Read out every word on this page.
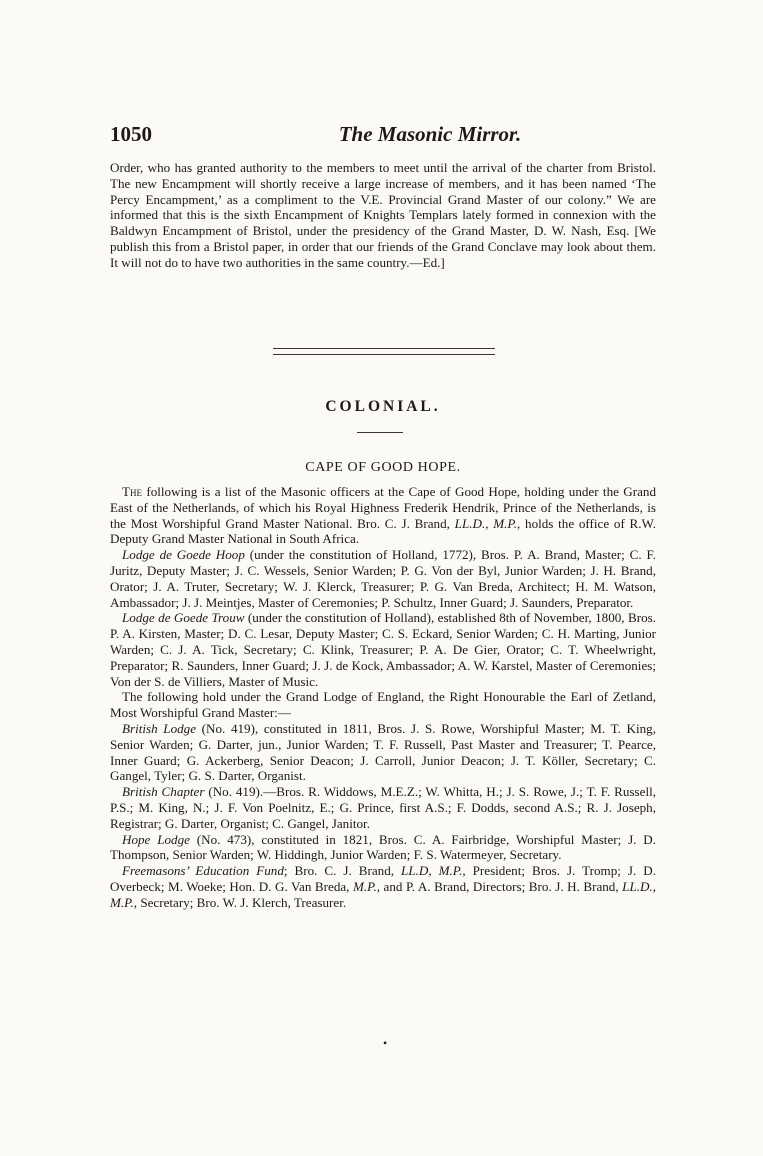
1050	The Masonic Mirror.

Order, who has granted authority to the members to meet until the arrival of the charter from Bristol. The new Encampment will shortly receive a large increase of members, and it has been named ‘The Percy Encampment,’ as a compliment to the V.E. Provincial Grand Master of our colony.” We are informed that this is the sixth Encampment of Knights Templars lately formed in connexion with the Baldwyn Encampment of Bristol, under the presidency of the Grand Master, D. W. Nash, Esq. [We publish this from a Bristol paper, in order that our friends of the Grand Conclave may look about them. It will not do to have two authorities in the same country.—Ed.]

COLONIAL.
CAPE OF GOOD HOPE.

The following is a list of the Masonic officers at the Cape of Good Hope, holding under the Grand East of the Netherlands, of which his Royal Highness Frederik Hendrik, Prince of the Netherlands, is the Most Worshipful Grand Master National. Bro. C. J. Brand, LL.D., M.P., holds the office of R.W. Deputy Grand Master National in South Africa.

Lodge de Goede Hoop (under the constitution of Holland, 1772), Bros. P. A. Brand, Master; C. F. Juritz, Deputy Master; J. C. Wessels, Senior Warden; P. G. Von der Byl, Junior Warden; J. H. Brand, Orator; J. A. Truter, Secretary; W. J. Klerck, Treasurer; P. G. Van Breda, Architect; H. M. Watson, Ambassador; J. J. Meintjes, Master of Ceremonies; P. Schultz, Inner Guard; J. Saunders, Preparator.

Lodge de Goede Trouw (under the constitution of Holland), established 8th of November, 1800, Bros. P. A. Kirsten, Master; D. C. Lesar, Deputy Master; C. S. Eckard, Senior Warden; C. H. Marting, Junior Warden; C. J. A. Tick, Secretary; C. Klink, Treasurer; P. A. De Gier, Orator; C. T. Wheelwright, Preparator; R. Saunders, Inner Guard; J. J. de Kock, Ambassador; A. W. Karstel, Master of Ceremonies; Von der S. de Villiers, Master of Music.

The following hold under the Grand Lodge of England, the Right Honourable the Earl of Zetland, Most Worshipful Grand Master:—

British Lodge (No. 419), constituted in 1811, Bros. J. S. Rowe, Worshipful Master; M. T. King, Senior Warden; G. Darter, jun., Junior Warden; T. F. Russell, Past Master and Treasurer; T. Pearce, Inner Guard; G. Ackerberg, Senior Deacon; J. Carroll, Junior Deacon; J. T. Köller, Secretary; C. Gangel, Tyler; G. S. Darter, Organist.

British Chapter (No. 419).—Bros. R. Widdows, M.E.Z.; W. Whitta, H.; J. S. Rowe, J.; T. F. Russell, P.S.; M. King, N.; J. F. Von Poelnitz, E.; G. Prince, first A.S.; F. Dodds, second A.S.; R. J. Joseph, Registrar; G. Darter, Organist; C. Gangel, Janitor.

Hope Lodge (No. 473), constituted in 1821, Bros. C. A. Fairbridge, Worshipful Master; J. D. Thompson, Senior Warden; W. Hiddingh, Junior Warden; F. S. Watermeyer, Secretary.

Freemasons’ Education Fund; Bro. C. J. Brand, LL.D, M.P., President; Bros. J. Tromp; J. D. Overbeck; M. Woeke; Hon. D. G. Van Breda, M.P., and P. A. Brand, Directors; Bro. J. H. Brand, LL.D., M.P., Secretary; Bro. W. J. Klerch, Treasurer.

•
